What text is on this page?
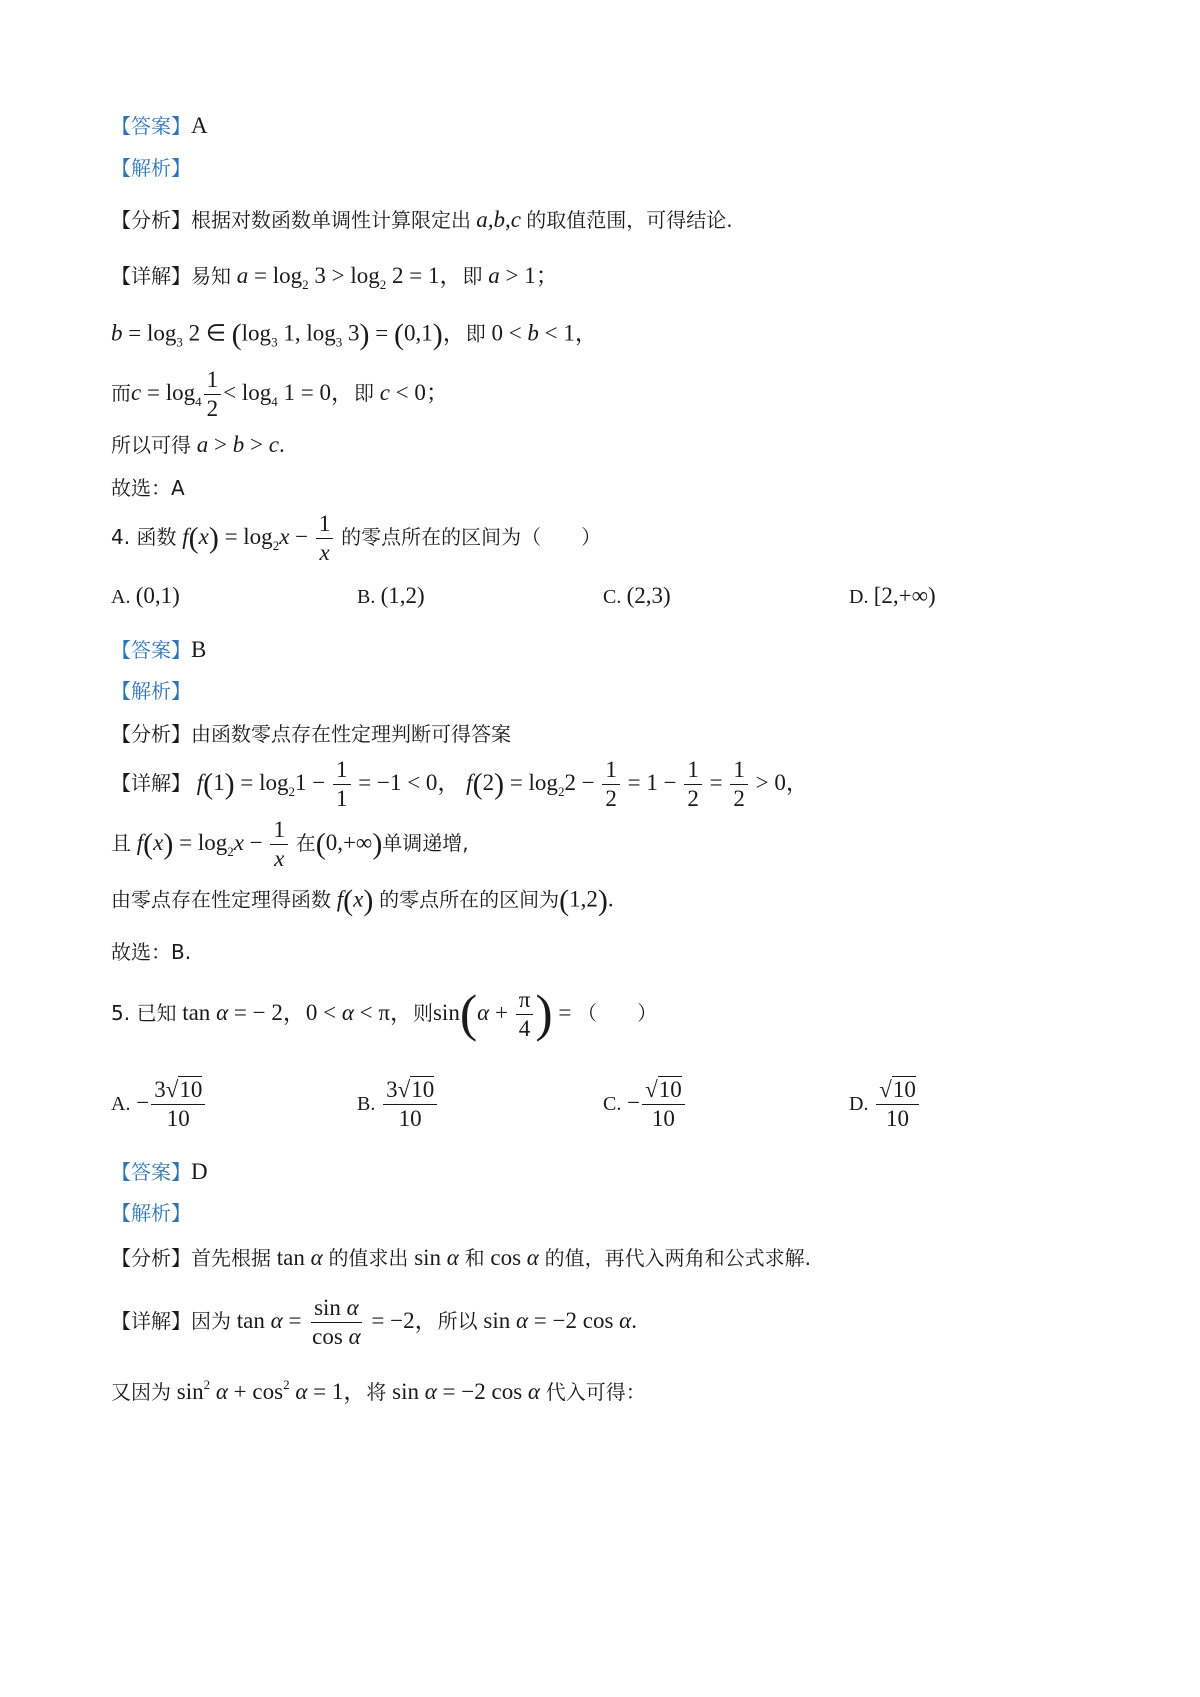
【答案】A
【解析】
【分析】根据对数函数单调性计算限定出 a,b,c 的取值范围，可得结论.
【详解】易知 $a = \log_2 3 > \log_2 2 = 1$，即 a > 1；
$b = \log_3 2$ ∈ ($\log_3$ 1, $\log_3 3) = (0,1)$，即 0 < b < 1，
而$c = \log_4 \frac{1}{2} < \log_4 1 = 0$，即 c < 0；
所以可得 a > b > c.
故选：A
4. 函数 $f(x) = \log_2x - \frac{1}{x}$ 的零点所在的区间为（　　）
A. (0,1)	B. (1,2)	C. (2,3)	D. [2,+∞)
【答案】B
【解析】
【分析】由函数零点存在性定理判断可得答案
【详解】 $f(1) = \log_21 - \frac{1}{1} = -1 < 0$， $f(2) = \log_22 - \frac{1}{2} = 1 - \frac{1}{2} = \frac{1}{2} > 0$，
且 $f(x) = \log_2x - \frac{1}{x}$ 在(0,+∞)单调递增,
由零点存在性定理得函数 f(x) 的零点所在的区间为(1,2).
故选：B.
5. 已知 tan α = − 2，0 < α < π，则$\sin(\alpha + \frac{\pi}{4}$ ) = （　　）
A. − $\frac{3√10}{10}$	B. $\frac{3√10}{10}$	C. − $\frac{√10}{10}$	D. $\frac{√10}{10}$
【答案】D
【解析】
【分析】首先根据 tan α 的值求出 sin α 和 cos α 的值，再代入两角和公式求解.
【详解】因为 $\tan \alpha = \frac{\text{sin α}}{\text{cos α}} = -2$，所以 sin α = −2 cos α.
又因为 $\sin^2 \alpha + \cos^2 \alpha = 1$，将 sin α = −2 cos α 代入可得：
